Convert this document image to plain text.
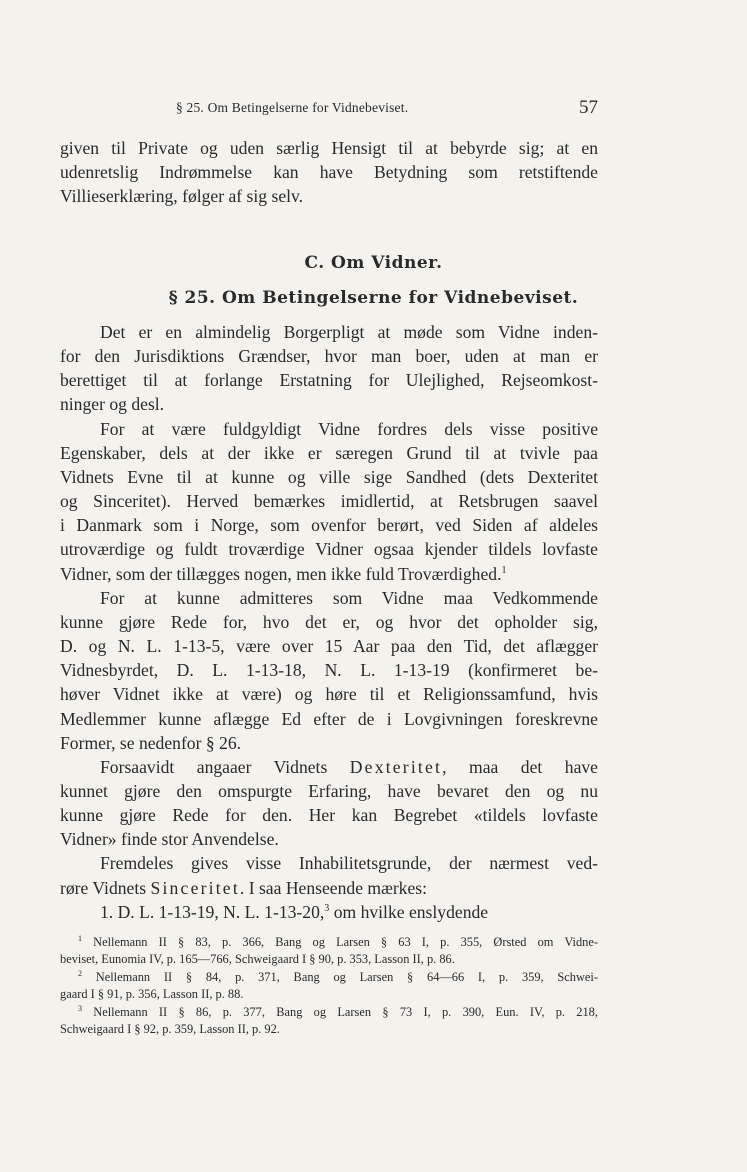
§ 25. Om Betingelserne for Vidnebeviset.	57
given til Private og uden særlig Hensigt til at bebyrde sig; at en
udenretslig Indrømmelse kan have Betydning som retstiftende
Villieserklæring, følger af sig selv.
C. Om Vidner.
§ 25. Om Betingelserne for Vidnebeviset.
Det er en almindelig Borgerpligt at møde som Vidne inden-
for den Jurisdiktions Grændser, hvor man boer, uden at man er
berettiget til at forlange Erstatning for Ulejlighed, Rejseomkost-
ninger og desl.
For at være fuldgyldigt Vidne fordres dels visse positive
Egenskaber, dels at der ikke er særegen Grund til at tvivle paa
Vidnets Evne til at kunne og ville sige Sandhed (dets Dexteritet
og Sinceritet). Herved bemærkes imidlertid, at Retsbrugen saavel
i Danmark som i Norge, som ovenfor berørt, ved Siden af aldeles
utroværdige og fuldt troværdige Vidner ogsaa kjender tildels lovfaste
Vidner, som der tillægges nogen, men ikke fuld Troværdighed.$^1$
For at kunne admitteres som Vidne maa Vedkommende
kunne gjøre Rede for, hvo det er, og hvor det opholder sig,
D. og N. L. 1-13-5, være over 15 Aar paa den Tid, det aflægger
Vidnesbyrdet, D. L. 1-13-18, N. L. 1-13-19 (konfirmeret be-
høver Vidnet ikke at være) og høre til et Religionssamfund, hvis
Medlemmer kunne aflægge Ed efter de i Lovgivningen foreskrevne
Former, se nedenfor § 26.
Forsaavidt angaaer Vidnets Dexteritet, maa det have
kunnet gjøre den omspurgte Erfaring, have bevaret den og nu
kunne gjøre Rede for den. Her kan Begrebet «tildels lovfaste
Vidner» finde stor Anvendelse.
Fremdeles gives visse Inhabilitetsgrunde, der nærmest ved-
røre Vidnets Sinceritet. I saa Henseende mærkes:
1. D. L. 1-13-19, N. L. 1-13-20,$^3$ om hvilke enslydende
$^1$ Nellemann II § 83, p. 366, Bang og Larsen § 63 I, p. 355, Ørsted om Vidne-
beviset, Eunomia IV, p. 165—766, Schweigaard I § 90, p. 353, Lasson II, p. 86.
$^2$ Nellemann II § 84, p. 371, Bang og Larsen § 64—66 I, p. 359, Schwei-
gaard I § 91, p. 356, Lasson II, p. 88.
$^3$ Nellemann II § 86, p. 377, Bang og Larsen § 73 I, p. 390, Eun. IV, p. 218,
Schweigaard I § 92, p. 359, Lasson II, p. 92.
